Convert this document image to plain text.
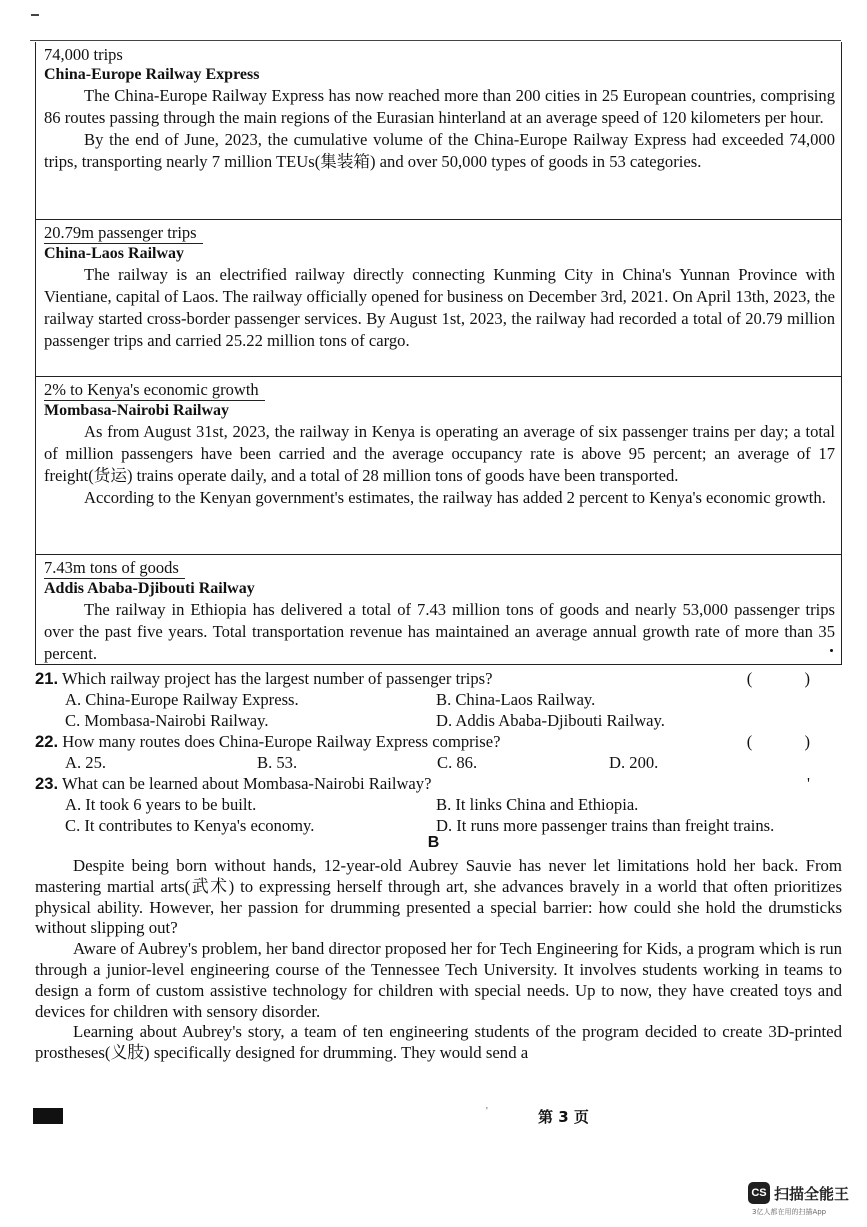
74,000 trips
China-Europe Railway Express

The China-Europe Railway Express has now reached more than 200 cities in 25 European countries, comprising 86 routes passing through the main regions of the Eurasian hinterland at an average speed of 120 kilometers per hour.

By the end of June, 2023, the cumulative volume of the China-Europe Railway Express had exceeded 74,000 trips, transporting nearly 7 million TEUs(集装箱) and over 50,000 types of goods in 53 categories.

20.79m passenger trips
China-Laos Railway

The railway is an electrified railway directly connecting Kunming City in China's Yunnan Province with Vientiane, capital of Laos. The railway officially opened for business on December 3rd, 2021. On April 13th, 2023, the railway started cross-border passenger services. By August 1st, 2023, the railway had recorded a total of 20.79 million passenger trips and carried 25.22 million tons of cargo.

2% to Kenya's economic growth
Mombasa-Nairobi Railway

As from August 31st, 2023, the railway in Kenya is operating an average of six passenger trains per day; a total of million passengers have been carried and the average occupancy rate is above 95 percent; an average of 17 freight(货运) trains operate daily, and a total of 28 million tons of goods have been transported.

According to the Kenyan government's estimates, the railway has added 2 percent to Kenya's economic growth.

7.43m tons of goods
Addis Ababa-Djibouti Railway

The railway in Ethiopia has delivered a total of 7.43 million tons of goods and nearly 53,000 passenger trips over the past five years. Total transportation revenue has maintained an average annual growth rate of more than 35 percent.

21. Which railway project has the largest number of passenger trips?	( )
A. China-Europe Railway Express.	B. China-Laos Railway.
C. Mombasa-Nairobi Railway.	D. Addis Ababa-Djibouti Railway.
22. How many routes does China-Europe Railway Express comprise?	( )
A. 25.	B. 53.	C. 86.	D. 200.
23. What can be learned about Mombasa-Nairobi Railway?	'
A. It took 6 years to be built.	B. It links China and Ethiopia.
C. It contributes to Kenya's economy.	D. It runs more passenger trains than freight trains.
B

Despite being born without hands, 12-year-old Aubrey Sauvie has never let limitations hold her back. From mastering martial arts(武术) to expressing herself through art, she advances bravely in a world that often prioritizes physical ability. However, her passion for drumming presented a special barrier: how could she hold the drumsticks without slipping out?

Aware of Aubrey's problem, her band director proposed her for Tech Engineering for Kids, a program which is run through a junior-level engineering course of the Tennessee Tech University. It involves students working in teams to design a form of custom assistive technology for children with special needs. Up to now, they have created toys and devices for children with sensory disorder.

Learning about Aubrey's story, a team of ten engineering students of the program decided to create 3D-printed prostheses(义肢) specifically designed for drumming. They would send a

'	第 3 页
CS 扫描全能王
3亿人都在用的扫描App
